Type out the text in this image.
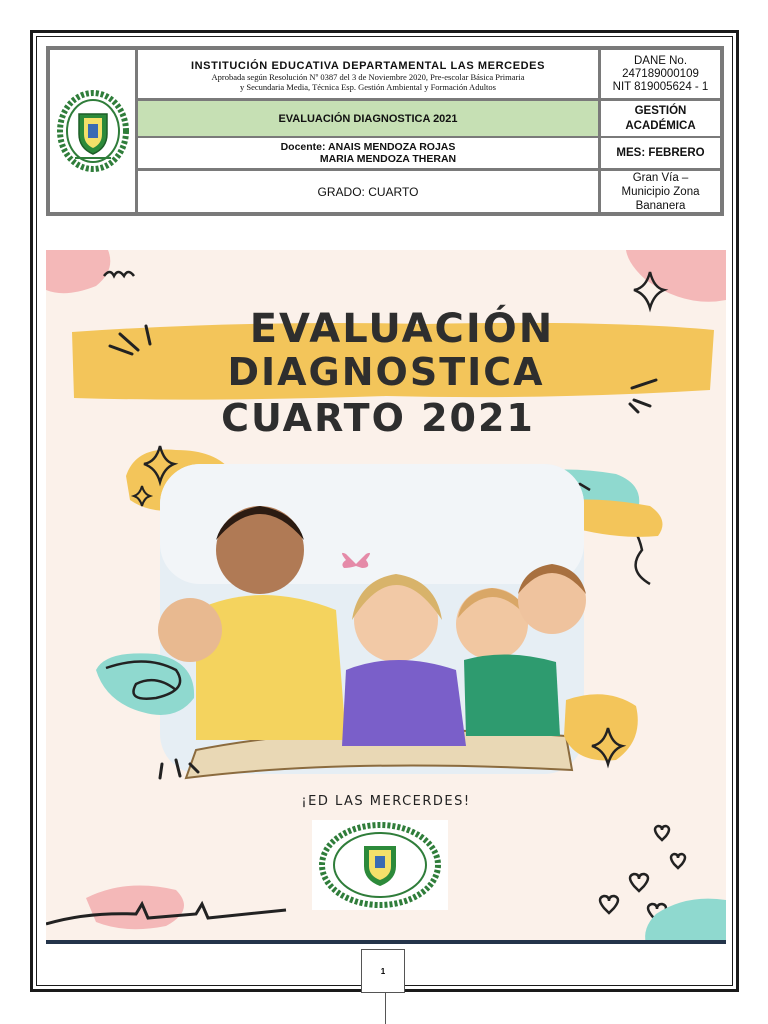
INSTITUCIÓN EDUCATIVA DEPARTAMENTAL LAS MERCEDES
Aprobada según Resolución Nº 0387 del 3 de Noviembre 2020, Pre-escolar Básica Primaria
y Secundaria Media, Técnica Esp. Gestión Ambiental y Formación Adultos
DANE No.
247189000109
NIT 819005624 - 1
EVALUACIÓN DIAGNOSTICA 2021
GESTIÓN
ACADÉMICA
Docente: ANAIS MENDOZA ROJAS
MARIA MENDOZA THERAN	MES: FEBRERO
GRADO: CUARTO
Gran Vía –
Municipio Zona
Bananera
EVALUACIÓN
DIAGNOSTICA
CUARTO 2021
¡ED LAS MERCERDES!
1
